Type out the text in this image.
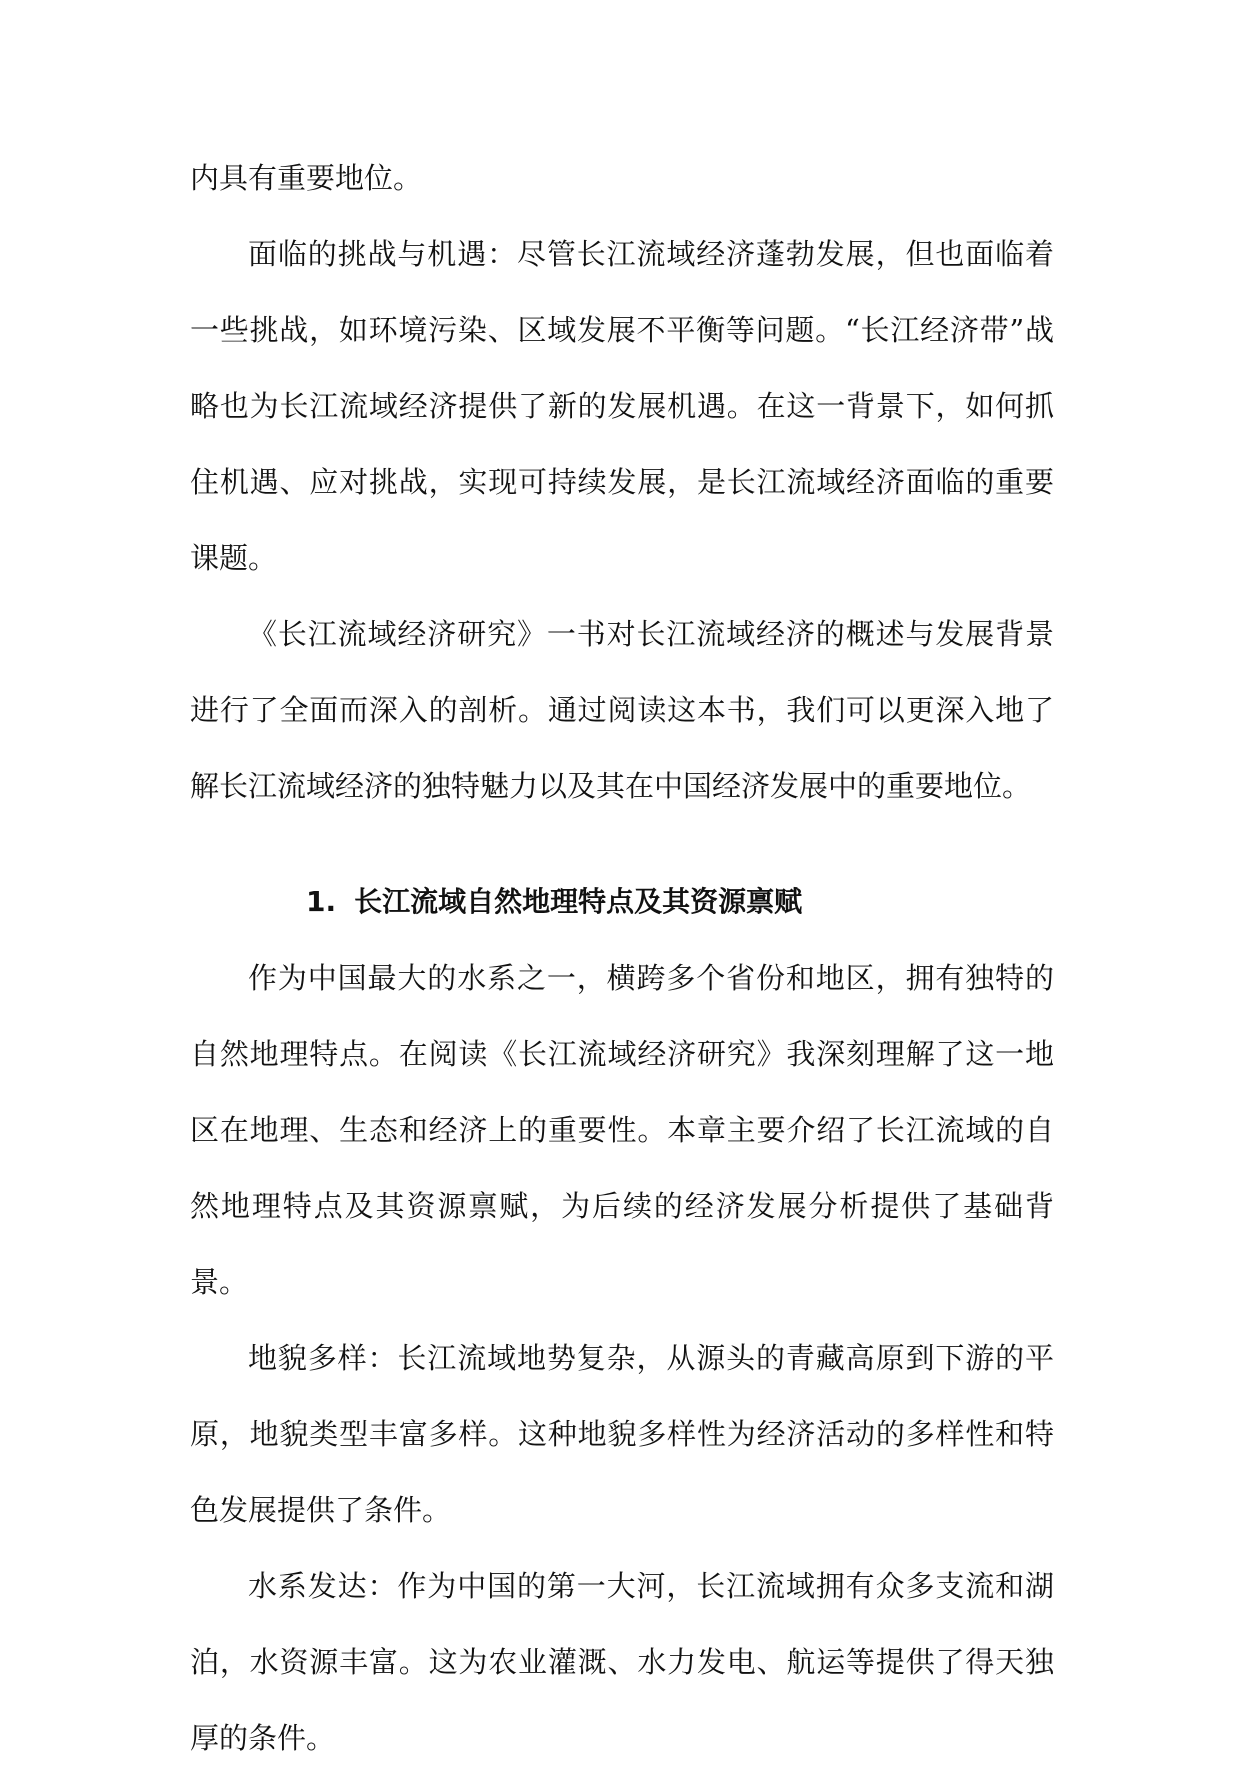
内具有重要地位。

面临的挑战与机遇：尽管长江流域经济蓬勃发展，但也面临着一些挑战，如环境污染、区域发展不平衡等问题。“长江经济带”战略也为长江流域经济提供了新的发展机遇。在这一背景下，如何抓住机遇、应对挑战，实现可持续发展，是长江流域经济面临的重要课题。

《长江流域经济研究》一书对长江流域经济的概述与发展背景进行了全面而深入的剖析。通过阅读这本书，我们可以更深入地了解长江流域经济的独特魅力以及其在中国经济发展中的重要地位。

1. 长江流域自然地理特点及其资源禀赋

作为中国最大的水系之一，横跨多个省份和地区，拥有独特的自然地理特点。在阅读《长江流域经济研究》我深刻理解了这一地区在地理、生态和经济上的重要性。本章主要介绍了长江流域的自然地理特点及其资源禀赋，为后续的经济发展分析提供了基础背景。

地貌多样：长江流域地势复杂，从源头的青藏高原到下游的平原，地貌类型丰富多样。这种地貌多样性为经济活动的多样性和特色发展提供了条件。

水系发达：作为中国的第一大河，长江流域拥有众多支流和湖泊，水资源丰富。这为农业灌溉、水力发电、航运等提供了得天独厚的条件。
